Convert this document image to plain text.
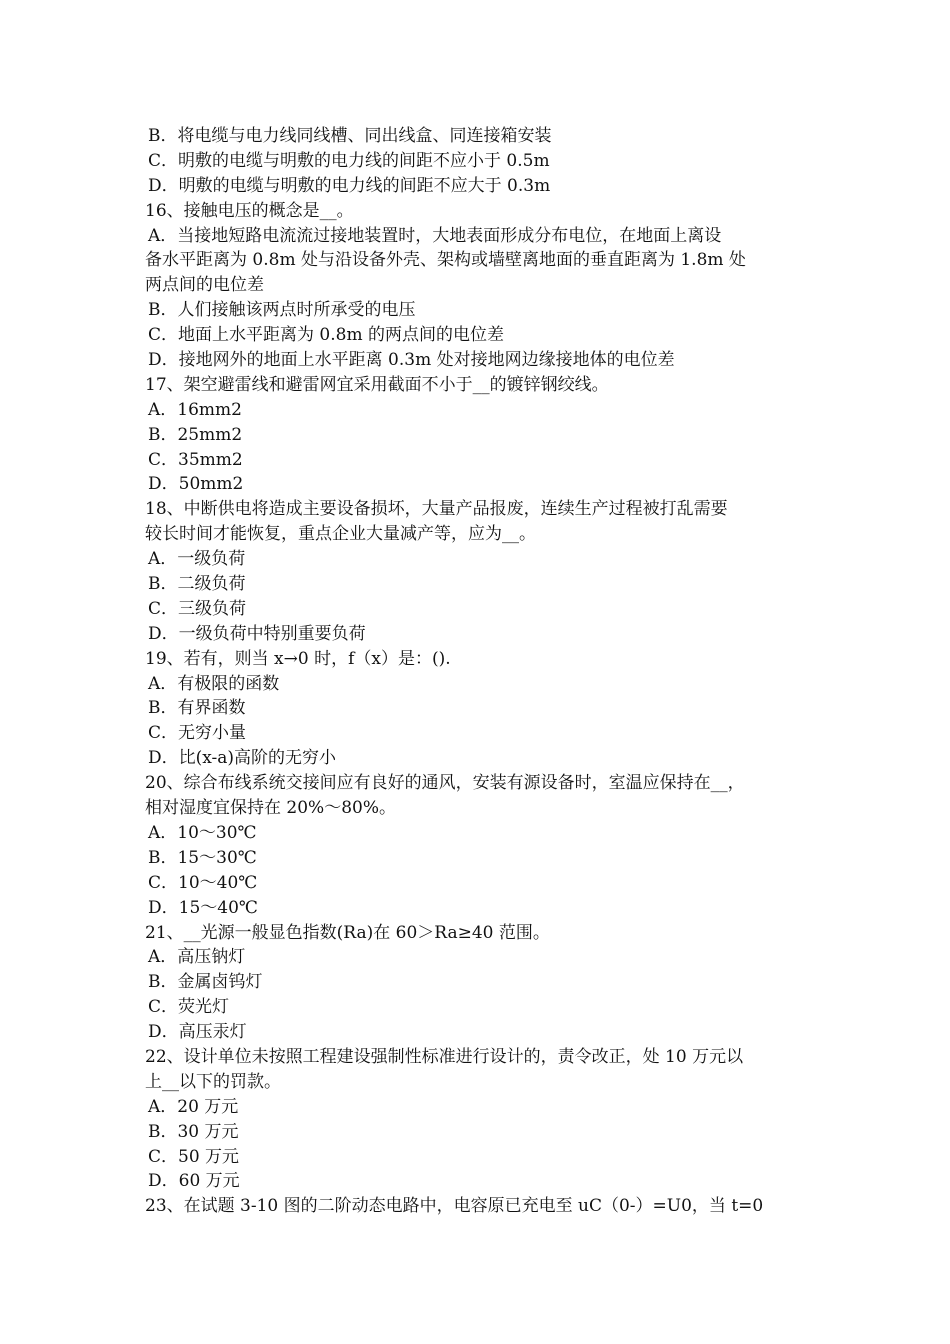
B．将电缆与电力线同线槽、同出线盒、同连接箱安装
C．明敷的电缆与明敷的电力线的间距不应小于 0.5m
D．明敷的电缆与明敷的电力线的间距不应大于 0.3m
16、接触电压的概念是__。
A．当接地短路电流流过接地装置时，大地表面形成分布电位，在地面上离设
备水平距离为 0.8m 处与沿设备外壳、架构或墙壁离地面的垂直距离为 1.8m 处
两点间的电位差
B．人们接触该两点时所承受的电压
C．地面上水平距离为 0.8m 的两点间的电位差
D．接地网外的地面上水平距离 0.3m 处对接地网边缘接地体的电位差
17、架空避雷线和避雷网宜采用截面不小于__的镀锌钢绞线。
A．16mm2
B．25mm2
C．35mm2
D．50mm2
18、中断供电将造成主要设备损坏，大量产品报废，连续生产过程被打乱需要
较长时间才能恢复，重点企业大量减产等，应为__。
A．一级负荷
B．二级负荷
C．三级负荷
D．一级负荷中特别重要负荷
19、若有，则当 x→0 时，f（x）是：().
A．有极限的函数
B．有界函数
C．无穷小量
D．比(x-a)高阶的无穷小
20、综合布线系统交接间应有良好的通风，安装有源设备时，室温应保持在__，
相对湿度宜保持在 20%～80%。
A．10～30℃
B．15～30℃
C．10～40℃
D．15～40℃
21、__光源一般显色指数(Ra)在 60＞Ra≥40 范围。
A．高压钠灯
B．金属卤钨灯
C．荧光灯
D．高压汞灯
22、设计单位未按照工程建设强制性标准进行设计的，责令改正，处 10 万元以
上__以下的罚款。
A．20 万元
B．30 万元
C．50 万元
D．60 万元
23、在试题 3-10 图的二阶动态电路中，电容原已充电至 uC（0-）=U0，当 t=0
